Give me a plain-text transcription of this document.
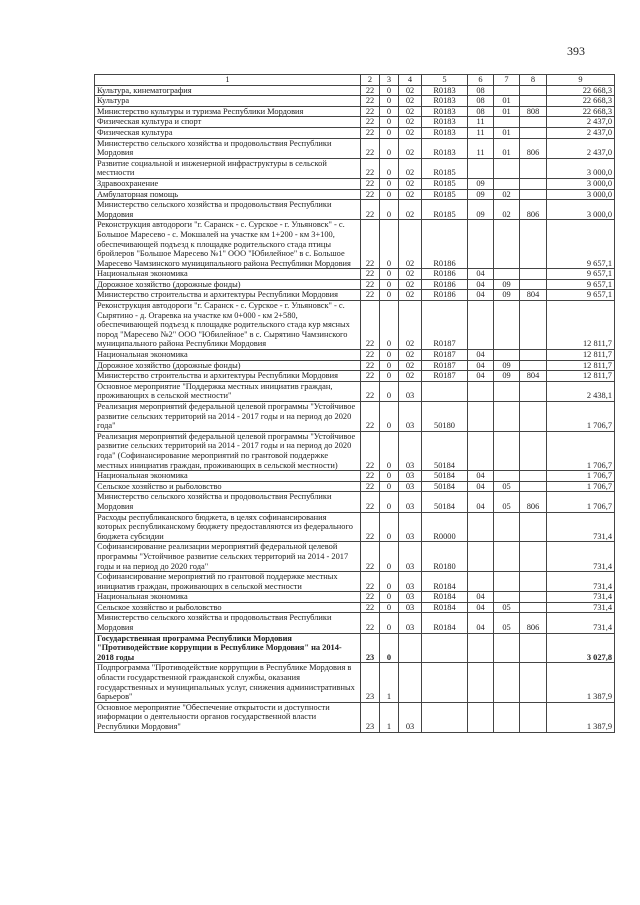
393
1	2	3	4	5	6	7	8	9
Культура, кинематография	22	0	02	R0183	08			22 668,3
Культура	22	0	02	R0183	08	01		22 668,3
Министерство культуры и туризма Республики Мордовия	22	0	02	R0183	08	01	808	22 668,3
Физическая культура и спорт	22	0	02	R0183	11			2 437,0
Физическая культура	22	0	02	R0183	11	01		2 437,0
Министерство сельского хозяйства и продовольствия Республики Мордовия	22	0	02	R0183	11	01	806	2 437,0
Развитие социальной и инженерной инфраструктуры в сельской местности	22	0	02	R0185				3 000,0
Здравоохранение	22	0	02	R0185	09			3 000,0
Амбулаторная помощь	22	0	02	R0185	09	02		3 000,0
Министерство сельского хозяйства и продовольствия Республики Мордовия	22	0	02	R0185	09	02	806	3 000,0
Реконструкция автодороги "г. Саранск - с. Сурское - г. Ульяновск" - с. Большое Маресево - с. Мокшалей на участке км 1+200 - км 3+100, обеспечивающей подъезд к площадке родительского стада птицы бройлеров "Большое Маресево №1" ООО "Юбилейное" в с. Большое Маресево Чамзинского муниципального района Республики Мордовия	22	0	02	R0186				9 657,1
Национальная экономика	22	0	02	R0186	04			9 657,1
Дорожное хозяйство (дорожные фонды)	22	0	02	R0186	04	09		9 657,1
Министерство строительства и архитектуры Республики Мордовия	22	0	02	R0186	04	09	804	9 657,1
Реконструкция автодороги "г. Саранск - с. Сурское - г. Ульяновск" - с. Сырятино - д. Огаревка на участке км 0+000 - км 2+580, обеспечивающей подъезд к площадке родительского стада кур мясных пород "Маресево №2" ООО "Юбилейное" в с. Сырятино Чамзинского муниципального района Республики Мордовия	22	0	02	R0187				12 811,7
Национальная экономика	22	0	02	R0187	04			12 811,7
Дорожное хозяйство (дорожные фонды)	22	0	02	R0187	04	09		12 811,7
Министерство строительства и архитектуры Республики Мордовия	22	0	02	R0187	04	09	804	12 811,7
Основное мероприятие "Поддержка местных инициатив граждан, проживающих в сельской местности"	22	0	03					2 438,1
Реализация мероприятий федеральной целевой программы "Устойчивое развитие сельских территорий на 2014 - 2017 годы и на период до 2020 года"	22	0	03	50180				1 706,7
Реализация мероприятий федеральной целевой программы "Устойчивое развитие сельских территорий на 2014 - 2017 годы и на период до 2020 года" (Софинансирование мероприятий по грантовой поддержке местных инициатив граждан, проживающих в сельской местности)	22	0	03	50184				1 706,7
Национальная экономика	22	0	03	50184	04			1 706,7
Сельское хозяйство и рыболовство	22	0	03	50184	04	05		1 706,7
Министерство сельского хозяйства и продовольствия Республики Мордовия	22	0	03	50184	04	05	806	1 706,7
Расходы республиканского бюджета, в целях софинансирования которых республиканскому бюджету предоставляются из федерального бюджета субсидии	22	0	03	R0000				731,4
Софинансирование реализации мероприятий федеральной целевой программы "Устойчивое развитие сельских территорий на 2014 - 2017 годы и на период до 2020 года"	22	0	03	R0180				731,4
Софинансирование мероприятий по грантовой поддержке местных инициатив граждан, проживающих в сельской местности	22	0	03	R0184				731,4
Национальная экономика	22	0	03	R0184	04			731,4
Сельское хозяйство и рыболовство	22	0	03	R0184	04	05		731,4
Министерство сельского хозяйства и продовольствия Республики Мордовия	22	0	03	R0184	04	05	806	731,4
Государственная программа Республики Мордовия "Противодействие коррупции в Республике Мордовия" на 2014-2018 годы	23	0						3 027,8
Подпрограмма "Противодействие коррупции в Республике Мордовия в области государственной гражданской службы, оказания государственных и муниципальных услуг, снижения административных барьеров"	23	1						1 387,9
Основное мероприятие "Обеспечение открытости и доступности информации о деятельности органов государственной власти Республики Мордовия"	23	1	03					1 387,9
